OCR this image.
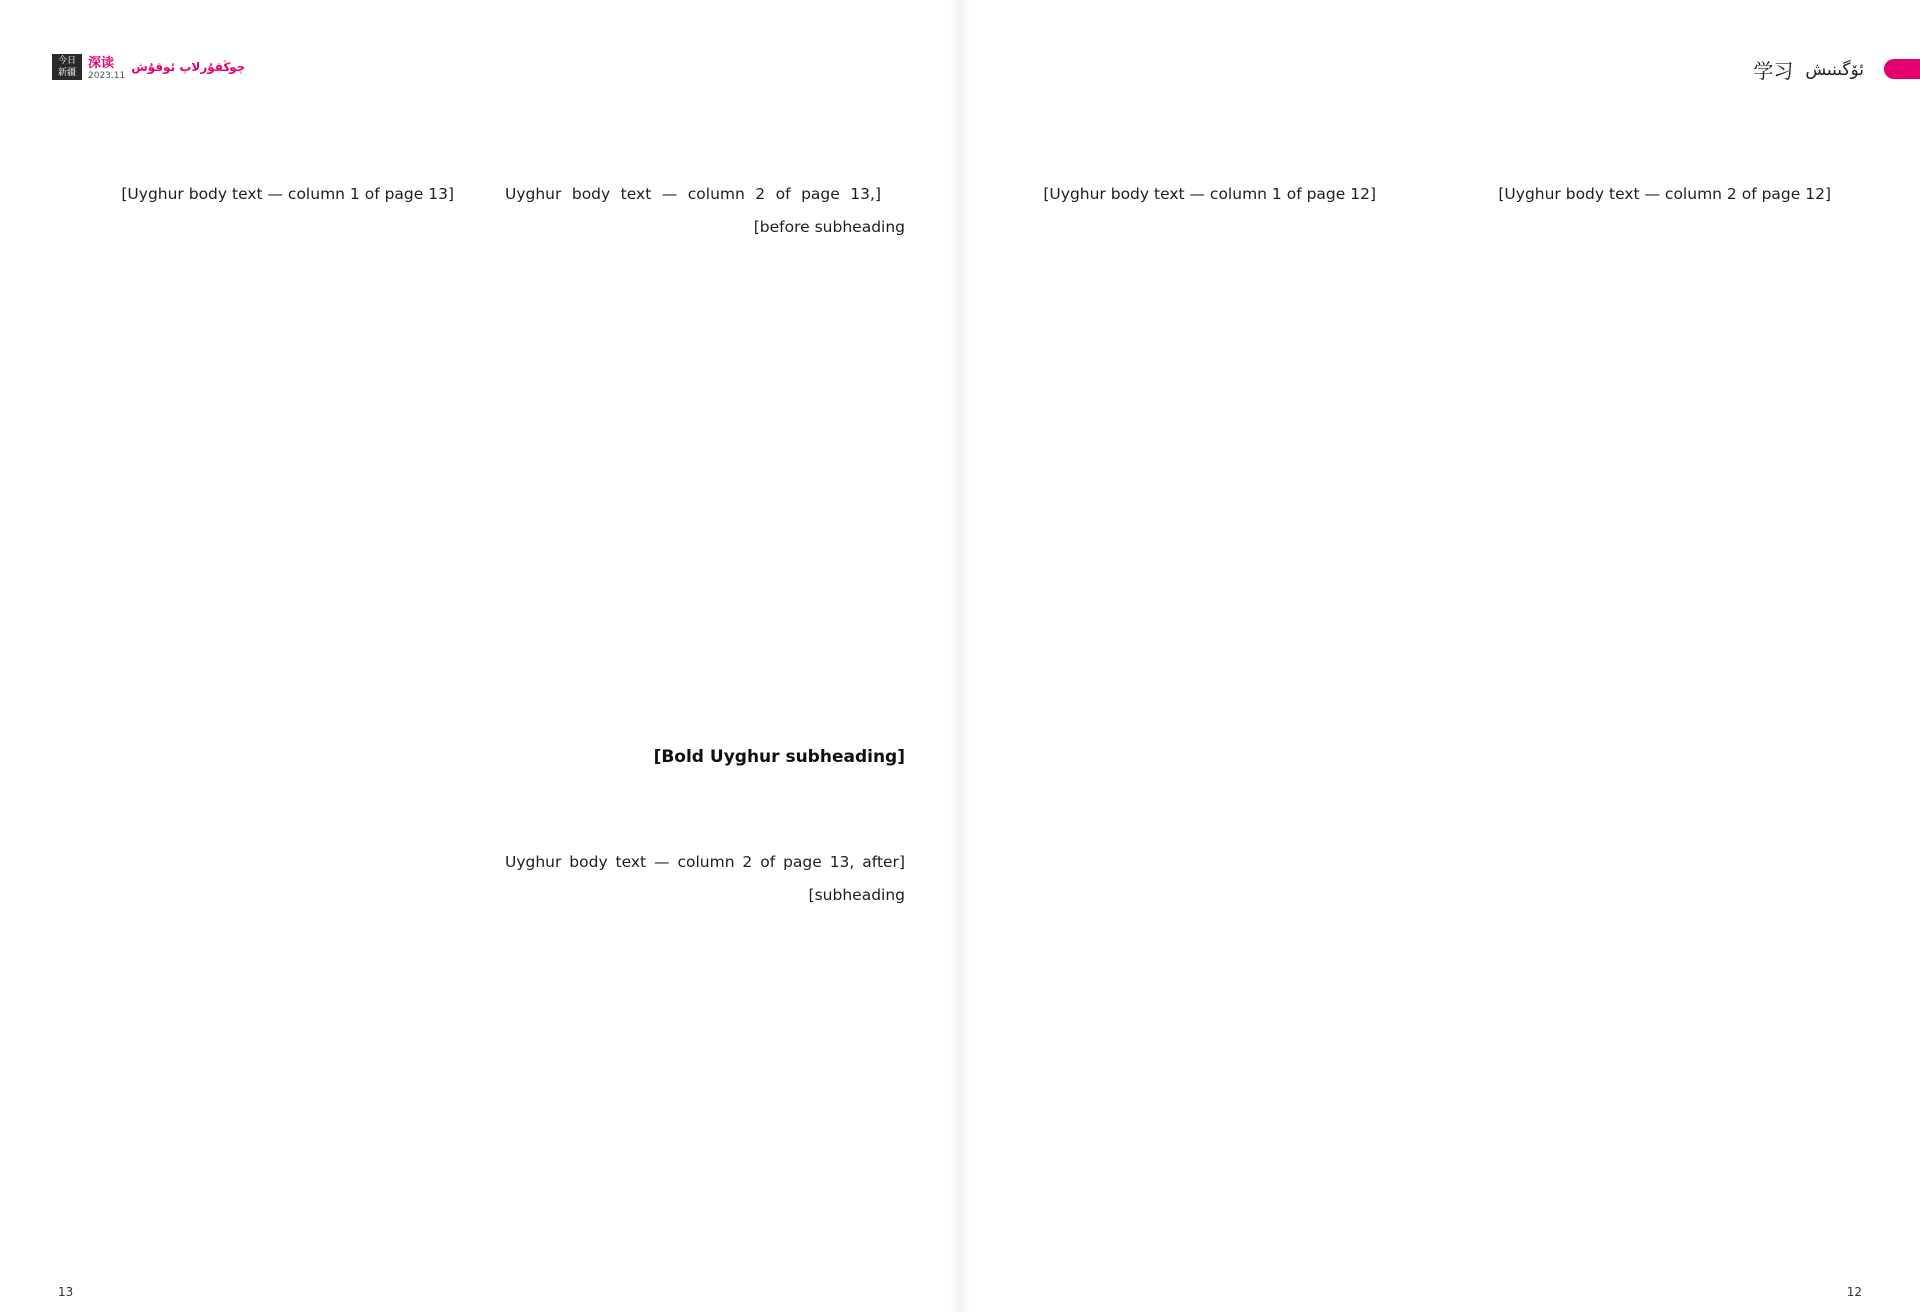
今日
新疆
深读
2023.11
چوڭقۇرلاپ ئوقۇش

[Uyghur body text — column 1 of page 13]	[Uyghur body text — column 2 of page 13, before subheading]

[Bold Uyghur subheading]

[Uyghur body text — column 2 of page 13, after subheading]

13
学习 ئۆگىنىش

[Uyghur body text — column 1 of page 12]	[Uyghur body text — column 2 of page 12]

12
